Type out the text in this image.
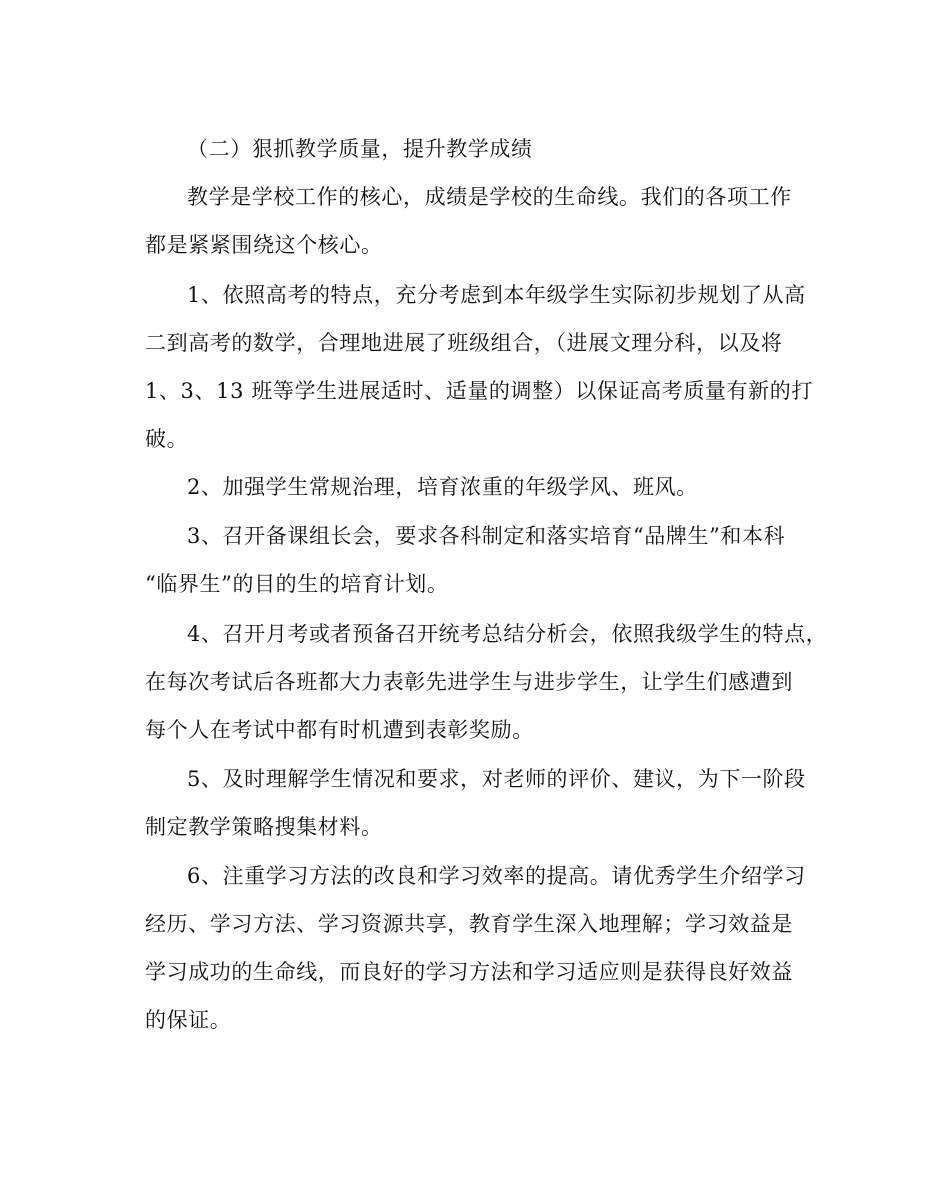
（二）狠抓教学质量，提升教学成绩

教学是学校工作的核心，成绩是学校的生命线。我们的各项工作

都是紧紧围绕这个核心。

1、依照高考的特点，充分考虑到本年级学生实际初步规划了从高

二到高考的数学，合理地进展了班级组合，（进展文理分科，以及将

1、3、13 班等学生进展适时、适量的调整）以保证高考质量有新的打

破。

2、加强学生常规治理，培育浓重的年级学风、班风。

3、召开备课组长会，要求各科制定和落实培育“品牌生”和本科

“临界生”的目的生的培育计划。

4、召开月考或者预备召开统考总结分析会，依照我级学生的特点，

在每次考试后各班都大力表彰先进学生与进步学生，让学生们感遭到

每个人在考试中都有时机遭到表彰奖励。

5、及时理解学生情况和要求，对老师的评价、建议，为下一阶段

制定教学策略搜集材料。

6、注重学习方法的改良和学习效率的提高。请优秀学生介绍学习

经历、学习方法、学习资源共享，教育学生深入地理解；学习效益是

学习成功的生命线，而良好的学习方法和学习适应则是获得良好效益

的保证。
